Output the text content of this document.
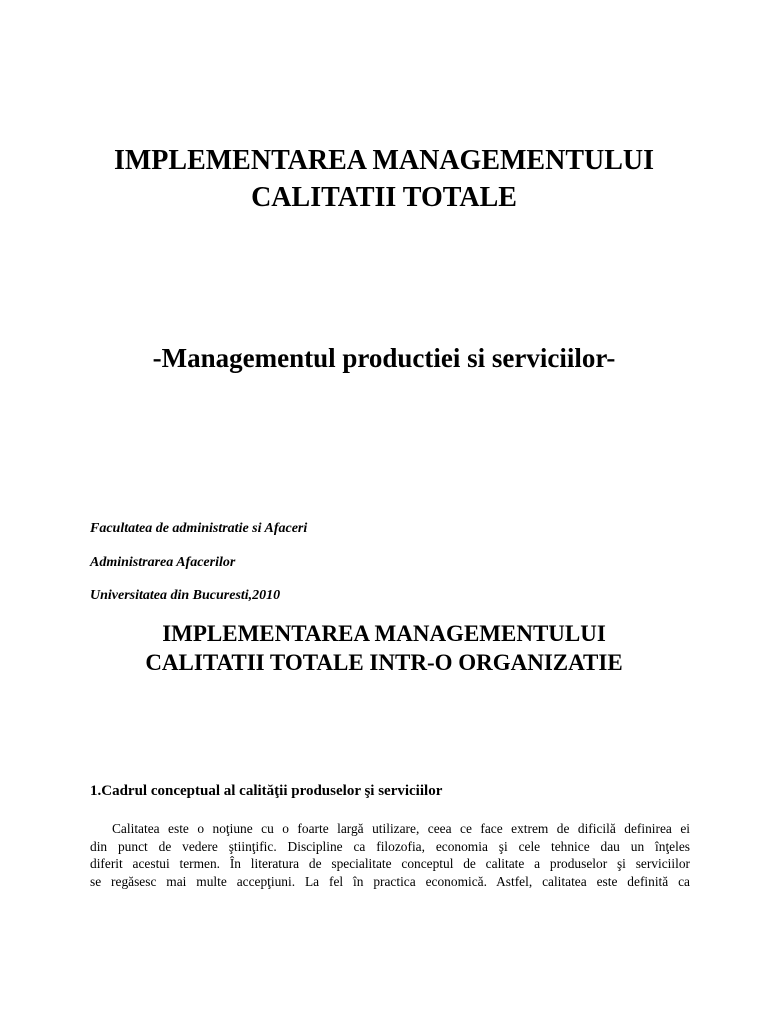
IMPLEMENTAREA MANAGEMENTULUI
CALITATII TOTALE
-Managementul productiei si serviciilor-

Facultatea de administratie si Afaceri

Administrarea Afacerilor

Universitatea din Bucuresti,2010

IMPLEMENTAREA MANAGEMENTULUI
CALITATII TOTALE INTR-O ORGANIZATIE
1.Cadrul conceptual al calităţii produselor şi serviciilor

Calitatea este o noţiune cu o foarte largă utilizare, ceea ce face extrem de dificilă definirea ei
din punct de vedere ştiinţific. Discipline ca filozofia, economia şi cele tehnice dau un înţeles
diferit acestui termen. În literatura de specialitate conceptul de calitate a produselor şi serviciilor
se regăsesc mai multe accepţiuni. La fel în practica economică. Astfel, calitatea este definită ca
